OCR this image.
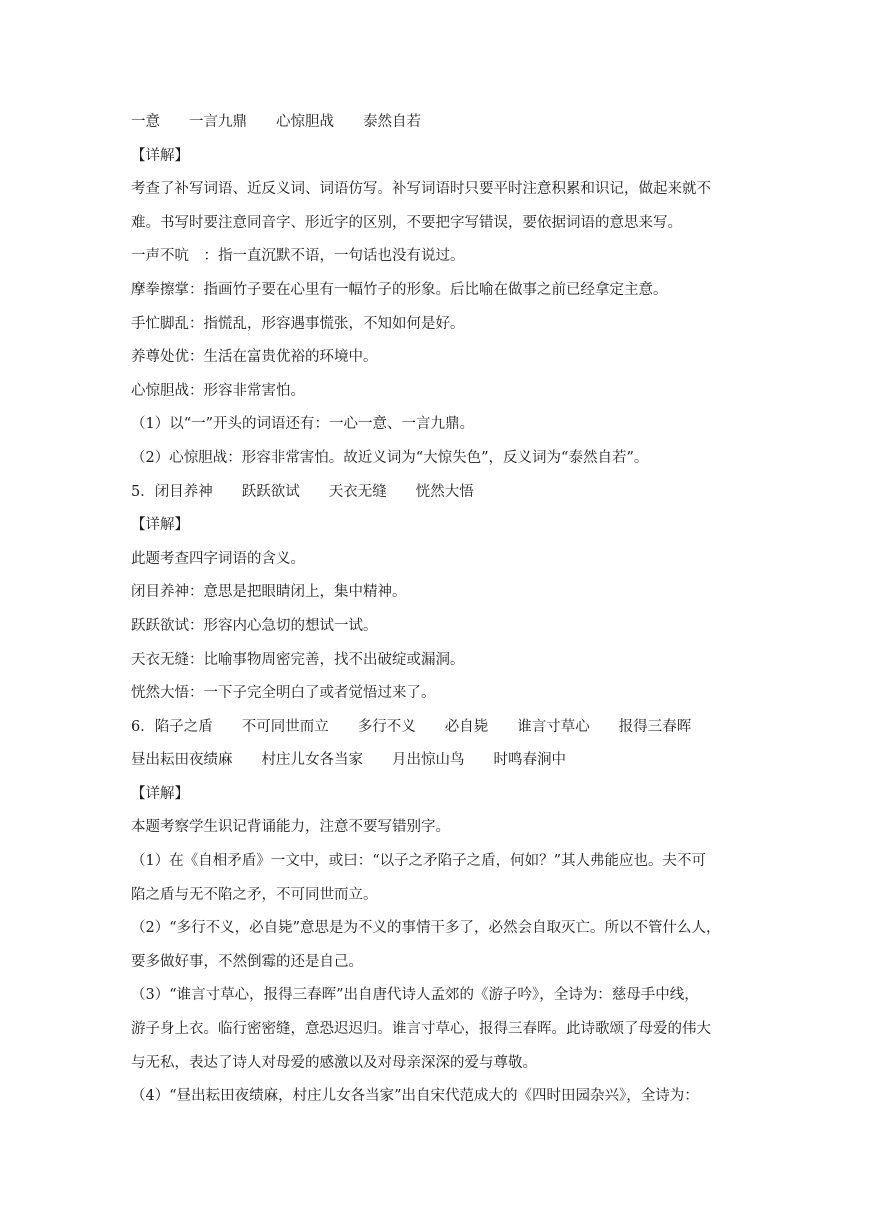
一意　　一言九鼎　　心惊胆战　　泰然自若
【详解】
考查了补写词语、近反义词、词语仿写。补写词语时只要平时注意积累和识记，做起来就不
难。书写时要注意同音字、形近字的区别，不要把字写错误，要依据词语的意思来写。
一声不吭　：指一直沉默不语，一句话也没有说过。
摩拳擦掌：指画竹子要在心里有一幅竹子的形象。后比喻在做事之前已经拿定主意。
手忙脚乱：指慌乱，形容遇事慌张，不知如何是好。
养尊处优：生活在富贵优裕的环境中。
心惊胆战：形容非常害怕。
（1）以“一”开头的词语还有：一心一意、一言九鼎。
（2）心惊胆战：形容非常害怕。故近义词为“大惊失色”，反义词为“泰然自若”。
5．闭目养神　　跃跃欲试　　天衣无缝　　恍然大悟
【详解】
此题考查四字词语的含义。
闭目养神：意思是把眼睛闭上，集中精神。
跃跃欲试：形容内心急切的想试一试。
天衣无缝：比喻事物周密完善，找不出破绽或漏洞。
恍然大悟：一下子完全明白了或者觉悟过来了。
6．陷子之盾　　不可同世而立　　多行不义　　必自毙　　谁言寸草心　　报得三春晖
昼出耘田夜绩麻　　村庄儿女各当家　　月出惊山鸟　　时鸣春涧中
【详解】
本题考察学生识记背诵能力，注意不要写错别字。
（1）在《自相矛盾》一文中，或曰：“以子之矛陷子之盾，何如？”其人弗能应也。夫不可
陷之盾与无不陷之矛，不可同世而立。
（2）“多行不义，必自毙”意思是为不义的事情干多了，必然会自取灭亡。所以不管什么人，
要多做好事，不然倒霉的还是自己。
（3）“谁言寸草心，报得三春晖”出自唐代诗人孟郊的《游子吟》，全诗为：慈母手中线，
游子身上衣。临行密密缝，意恐迟迟归。谁言寸草心，报得三春晖。此诗歌颂了母爱的伟大
与无私，表达了诗人对母爱的感激以及对母亲深深的爱与尊敬。
（4）“昼出耘田夜绩麻，村庄儿女各当家”出自宋代范成大的《四时田园杂兴》，全诗为：
